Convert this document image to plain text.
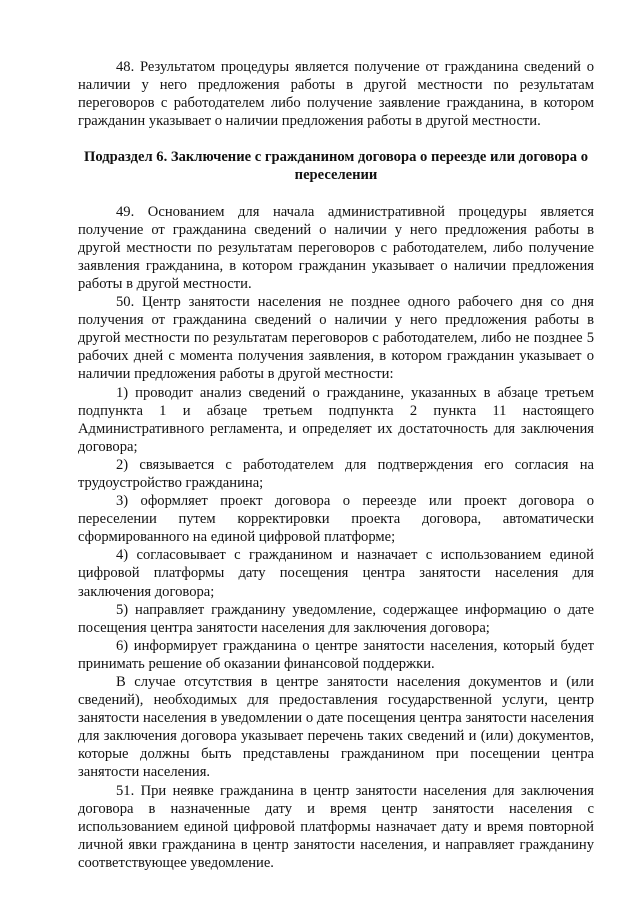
48. Результатом процедуры является получение от гражданина сведений о наличии у него предложения работы в другой местности по результатам переговоров с работодателем либо получение заявление гражданина, в котором гражданин указывает о наличии предложения работы в другой местности.

Подраздел 6. Заключение с гражданином договора о переезде или договора о переселении

49. Основанием для начала административной процедуры является получение от гражданина сведений о наличии у него предложения работы в другой местности по результатам переговоров с работодателем, либо получение заявления гражданина, в котором гражданин указывает о наличии предложения работы в другой местности.

50. Центр занятости населения не позднее одного рабочего дня со дня получения от гражданина сведений о наличии у него предложения работы в другой местности по результатам переговоров с работодателем, либо не позднее 5 рабочих дней с момента получения заявления, в котором гражданин указывает о наличии предложения работы в другой местности:

1) проводит анализ сведений о гражданине, указанных в абзаце третьем подпункта 1 и абзаце третьем подпункта 2 пункта 11 настоящего Административного регламента, и определяет их достаточность для заключения договора;

2) связывается с работодателем для подтверждения его согласия на трудоустройство гражданина;

3) оформляет проект договора о переезде или проект договора о переселении путем корректировки проекта договора, автоматически сформированного на единой цифровой платформе;

4) согласовывает с гражданином и назначает с использованием единой цифровой платформы дату посещения центра занятости населения для заключения договора;

5) направляет гражданину уведомление, содержащее информацию о дате посещения центра занятости населения для заключения договора;

6) информирует гражданина о центре занятости населения, который будет принимать решение об оказании финансовой поддержки.

В случае отсутствия в центре занятости населения документов и (или сведений), необходимых для предоставления государственной услуги, центр занятости населения в уведомлении о дате посещения центра занятости населения для заключения договора указывает перечень таких сведений и (или) документов, которые должны быть представлены гражданином при посещении центра занятости населения.

51. При неявке гражданина в центр занятости населения для заключения договора в назначенные дату и время центр занятости населения с использованием единой цифровой платформы назначает дату и время повторной личной явки гражданина в центр занятости населения, и направляет гражданину соответствующее уведомление.
